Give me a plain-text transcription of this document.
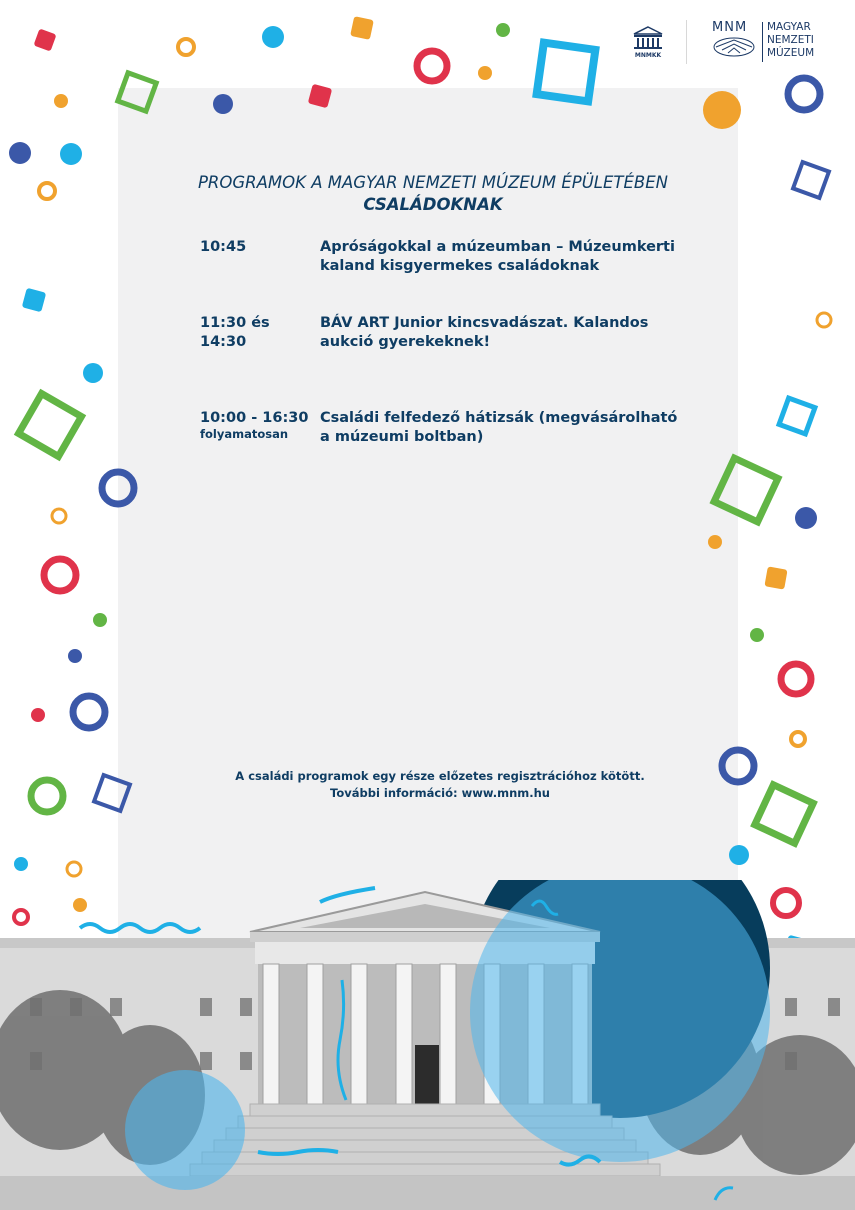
MNMKK
MNM MAGYAR
NEMZETI
MÚZEUM
PROGRAMOK A MAGYAR NEMZETI MÚZEUM ÉPÜLETÉBEN
CSALÁDOKNAK
10:45	Apróságokkal a múzeumban – Múzeumkerti kaland kisgyermekes családoknak
11:30 és 14:30
BÁV ART Junior kincsvadászat. Kalandos aukció gyerekeknek!
10:00 - 16:30
folyamatosan
Családi felfedező hátizsák (megvásárolható a múzeumi boltban)
A családi programok egy része előzetes regisztrációhoz kötött. További információ: www.mnm.hu
